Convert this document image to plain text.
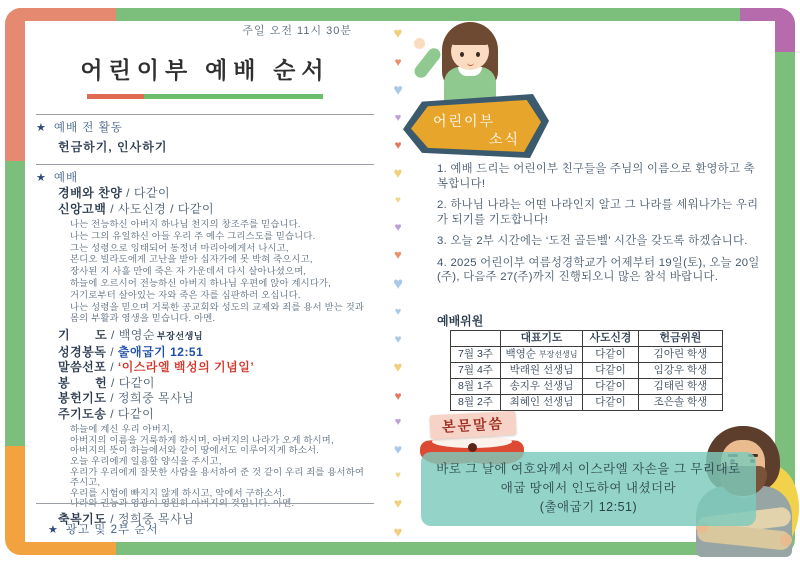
♥
♥
♥
♥
♥
♥
♥
♥
♥
♥
♥
♥
♥
♥
♥
♥
♥
♥
♥
주일 오전 11시 30분
어린이부 예배 순서
★ 예배 전 활동
헌금하기, 인사하기
★ 예배
경배와 찬양 / 다같이
신앙고백 / 사도신경 / 다같이

나는 전능하신 아버지 하나님 천지의 창조주를 믿습니다.

나는 그의 유일하신 아들 우리 주 예수 그리스도를 믿습니다.

그는 성령으로 잉태되어 동정녀 마리아에게서 나시고,

본디오 빌라도에게 고난을 받아 십자가에 못 박혀 죽으시고,

장사된 지 사흘 만에 죽은 자 가운데서 다시 살아나셨으며,

하늘에 오르시어 전능하신 아버지 하나님 우편에 앉아 계시다가,

거기로부터 살아있는 자와 죽은 자를 심판하러 오십니다.

나는 성령을 믿으며 거룩한 공교회와 성도의 교제와 죄를 용서 받는 것과

몸의 부활과 영생을 믿습니다. 아멘.

기　　도 / 백영순 부장선생님
성경봉독 / 출애굽기 12:51
말씀선포 / ‘이스라엘 백성의 기념일’
봉　　헌 / 다같이
봉헌기도 / 정희중 목사님
주기도송 / 다같이

하늘에 계신 우리 아버지,

아버지의 이름을 거룩하게 하시며, 아버지의 나라가 오게 하시며,

아버지의 뜻이 하늘에서와 같이 땅에서도 이루어지게 하소서.

오늘 우리에게 일용할 양식을 주시고,

우리가 우리에게 잘못한 사람을 용서하여 준 것 같이 우리 죄를 용서하여 주시고,

우리를 시험에 빠지지 않게 하시고, 악에서 구하소서.

나라와 권능과 영광이 영원히 아버지의 것입니다. 아멘.

축복기도 / 정희중 목사님
★ 광고 및 2부 순서
어린이부
소식

1. 예배 드리는 어린이부 친구들을 주님의 이름으로 환영하고 축복합니다!

2. 하나님 나라는 어떤 나라인지 알고 그 나라를 세워나가는 우리가 되기를 기도합니다!

3. 오늘 2부 시간에는 ‘도전 골든벨’ 시간을 갖도록 하겠습니다.

4. 2025 어린이부 여름성경학교가 어제부터 19일(토), 오늘 20일(주), 다음주 27(주)까지 진행되오니 많은 참석 바랍니다.

예배위원
	대표기도	사도신경	헌금위원
7월 3주	백영순 부장선생님	다같이	김아린 학생
7월 4주	박래원 선생님	다같이	임강우 학생
8월 1주	송지우 선생님	다같이	김태린 학생
8월 2주	최혜인 선생님	다같이	조은솔 학생
본문말씀

바로 그 날에 여호와께서 이스라엘 자손을 그 무리대로

애굽 땅에서 인도하여 내셨더라

(출애굽기 12:51)
